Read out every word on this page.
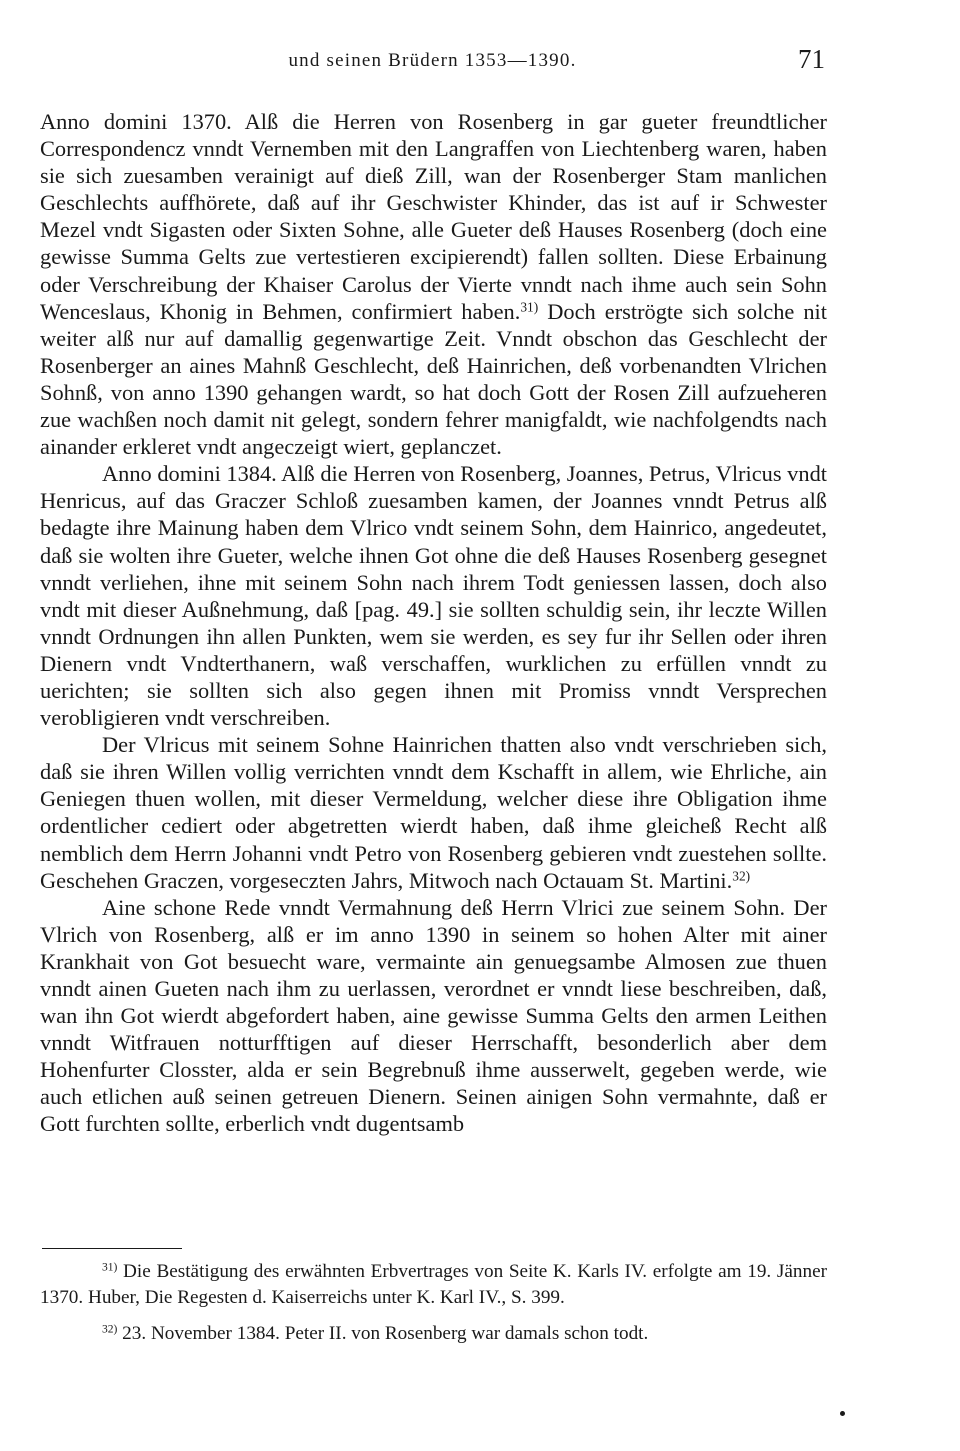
und seinen Brüdern 1353—1390.	71

Anno domini 1370. Alß die Herren von Rosenberg in gar gueter freundtlicher Correspondencz vnndt Vernemben mit den Langraffen von Liechtenberg waren, haben sie sich zuesamben verainigt auf dieß Zill, wan der Rosenberger Stam manlichen Geschlechts auffhörete, daß auf ihr Geschwister Khinder, das ist auf ir Schwester Mezel vndt Sigasten oder Sixten Sohne, alle Gueter deß Hauses Rosenberg (doch eine gewisse Summa Gelts zue vertestieren excipierendt) fallen sollten. Diese Erbainung oder Verschreibung der Khaiser Carolus der Vierte vnndt nach ihme auch sein Sohn Wenceslaus, Khonig in Behmen, confirmiert haben.$^{31)}$ Doch erströgte sich solche nit weiter alß nur auf damallig gegenwartige Zeit. Vnndt obschon das Geschlecht der Rosenberger an aines Mahnß Geschlecht, deß Hainrichen, deß vorbenandten Vlrichen Sohnß, von anno 1390 gehangen wardt, so hat doch Gott der Rosen Zill aufzueheren zue wachßen noch damit nit gelegt, sondern fehrer manigfaldt, wie nachfolgendts nach ainander erkleret vndt angeczeigt wiert, geplanczet.

Anno domini 1384. Alß die Herren von Rosenberg, Joannes, Petrus, Vlricus vndt Henricus, auf das Graczer Schloß zuesamben kamen, der Joannes vnndt Petrus alß bedagte ihre Mainung haben dem Vlrico vndt seinem Sohn, dem Hainrico, angedeutet, daß sie wolten ihre Gueter, welche ihnen Got ohne die deß Hauses Rosenberg gesegnet vnndt verliehen, ihne mit seinem Sohn nach ihrem Todt geniessen lassen, doch also vndt mit dieser Außnehmung, daß [pag. 49.] sie sollten schuldig sein, ihr leczte Willen vnndt Ordnungen ihn allen Punkten, wem sie werden, es sey fur ihr Sellen oder ihren Dienern vndt Vndterthanern, waß verschaffen, wurklichen zu erfüllen vnndt zu uerichten; sie sollten sich also gegen ihnen mit Promiss vnndt Versprechen verobligieren vndt verschreiben.

Der Vlricus mit seinem Sohne Hainrichen thatten also vndt verschrieben sich, daß sie ihren Willen vollig verrichten vnndt dem Kschafft in allem, wie Ehrliche, ain Geniegen thuen wollen, mit dieser Vermeldung, welcher diese ihre Obligation ihme ordentlicher cediert oder abgetretten wierdt haben, daß ihme gleicheß Recht alß nemblich dem Herrn Johanni vndt Petro von Rosenberg gebieren vndt zuestehen sollte. Geschehen Graczen, vorgeseczten Jahrs, Mitwoch nach Octauam St. Martini.$^{32)}$

Aine schone Rede vnndt Vermahnung deß Herrn Vlrici zue seinem Sohn. Der Vlrich von Rosenberg, alß er im anno 1390 in seinem so hohen Alter mit ainer Krankhait von Got besuecht ware, vermainte ain genuegsambe Almosen zue thuen vnndt ainen Gueten nach ihm zu uerlassen, verordnet er vnndt liese beschreiben, daß, wan ihn Got wierdt abgefordert haben, aine gewisse Summa Gelts den armen Leithen vnndt Witfrauen notturfftigen auf dieser Herrschafft, besonderlich aber dem Hohenfurter Closster, alda er sein Begrebnuß ihme ausserwelt, gegeben werde, wie auch etlichen auß seinen getreuen Dienern. Seinen ainigen Sohn vermahnte, daß er Gott furchten sollte, erberlich vndt dugentsamb

$^{31)}$ Die Bestätigung des erwähnten Erbvertrages von Seite K. Karls IV. erfolgte am 19. Jänner 1370. Huber, Die Regesten d. Kaiserreichs unter K. Karl IV., S. 399.

$^{32)}$ 23. November 1384. Peter II. von Rosenberg war damals schon todt.
